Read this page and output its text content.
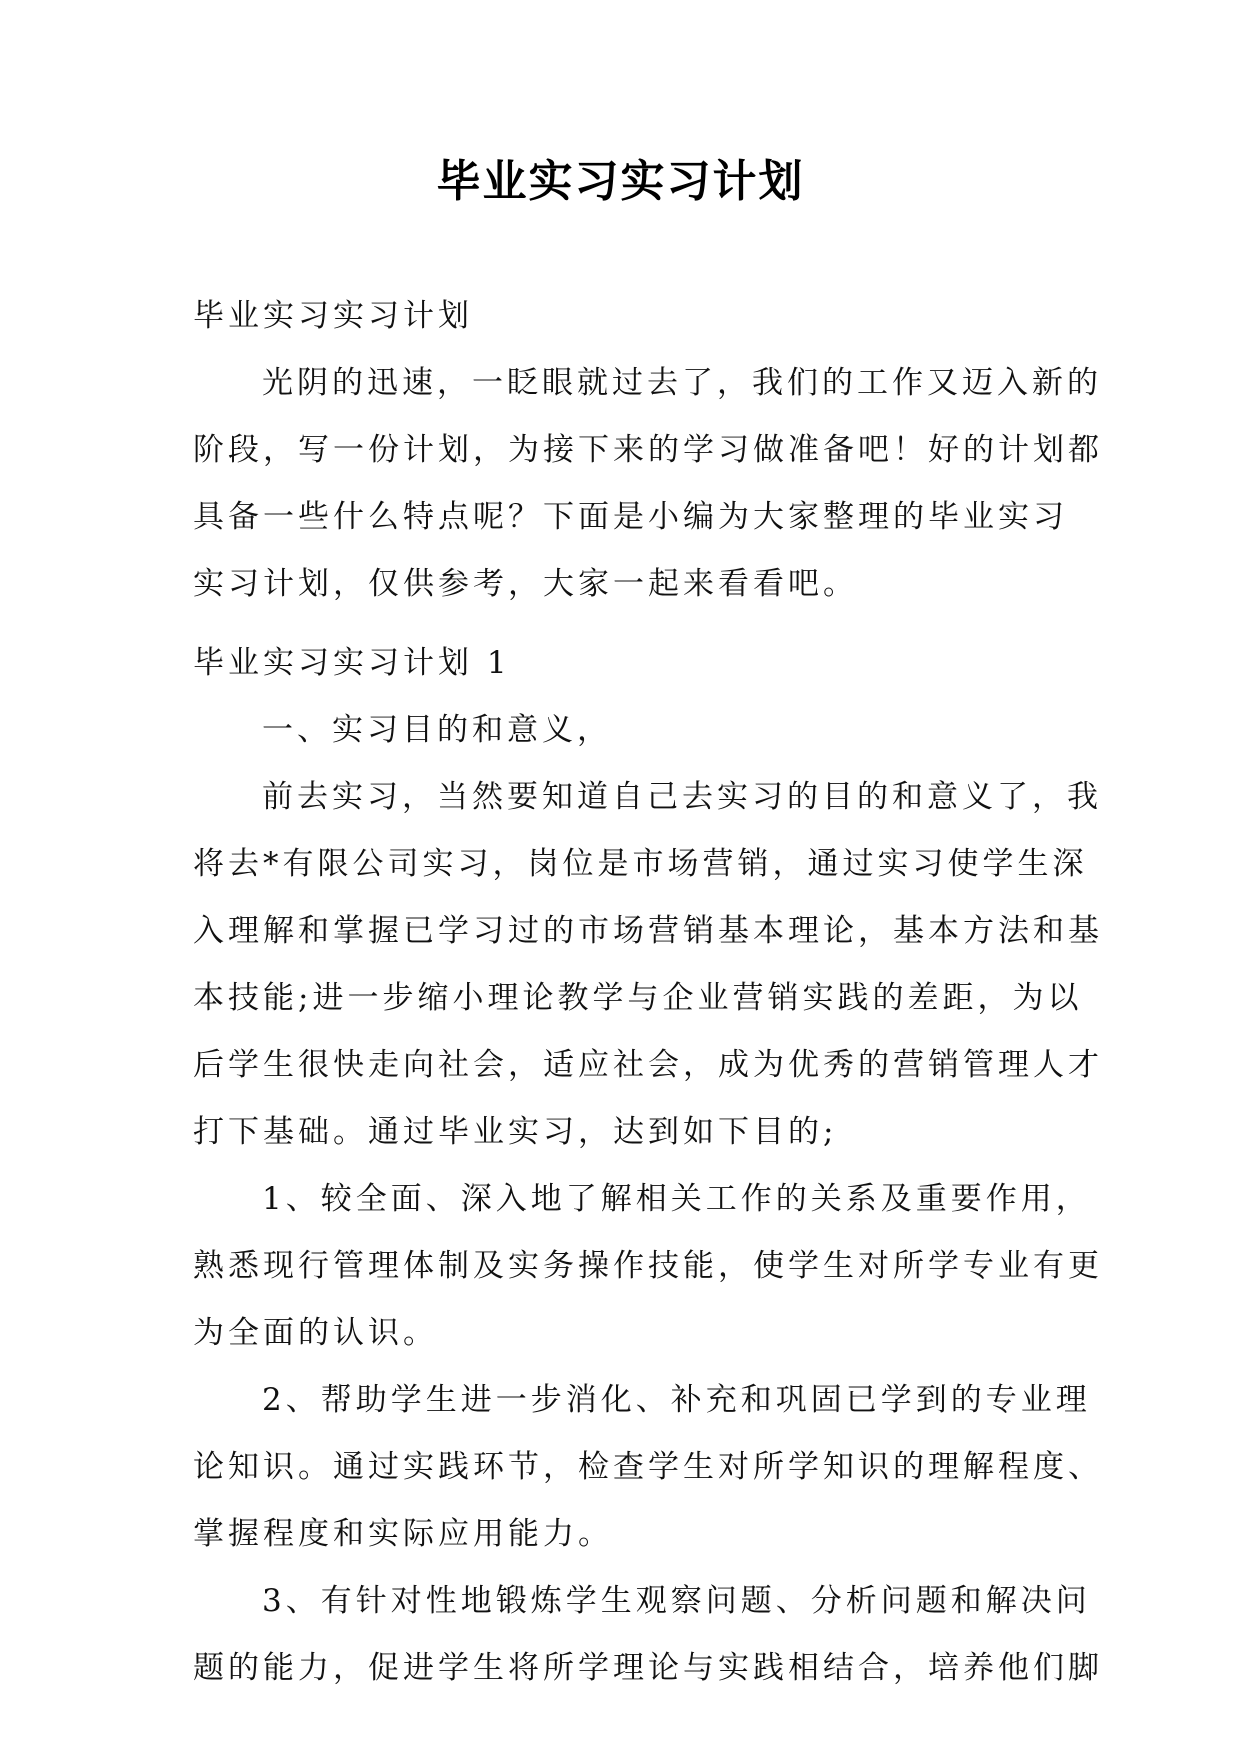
毕业实习实习计划

毕业实习实习计划

光阴的迅速，一眨眼就过去了，我们的工作又迈入新的

阶段，写一份计划，为接下来的学习做准备吧！好的计划都

具备一些什么特点呢？下面是小编为大家整理的毕业实习

实习计划，仅供参考，大家一起来看看吧。

毕业实习实习计划 1

一、实习目的和意义，

前去实习，当然要知道自己去实习的目的和意义了，我

将去*有限公司实习，岗位是市场营销，通过实习使学生深

入理解和掌握已学习过的市场营销基本理论，基本方法和基

本技能;进一步缩小理论教学与企业营销实践的差距，为以

后学生很快走向社会，适应社会，成为优秀的营销管理人才

打下基础。通过毕业实习，达到如下目的;

1、较全面、深入地了解相关工作的关系及重要作用，

熟悉现行管理体制及实务操作技能，使学生对所学专业有更

为全面的认识。

2、帮助学生进一步消化、补充和巩固已学到的专业理

论知识。通过实践环节，检查学生对所学知识的理解程度、

掌握程度和实际应用能力。

3、有针对性地锻炼学生观察问题、分析问题和解决问

题的能力，促进学生将所学理论与实践相结合，培养他们脚
